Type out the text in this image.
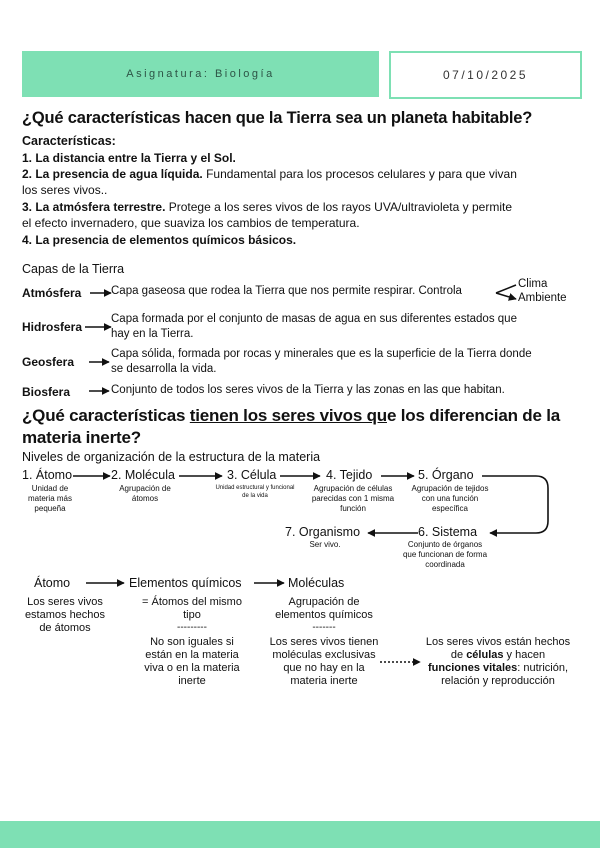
Asignatura: Biología	07/10/2025
¿Qué características hacen que la Tierra sea un planeta habitable?
Características:
1. La distancia entre la Tierra y el Sol.
2. La presencia de agua líquida. Fundamental para los procesos celulares y para que vivan
los seres vivos..
3. La atmósfera terrestre. Protege a los seres vivos de los rayos UVA/ultravioleta y permite
el efecto invernadero, que suaviza los cambios de temperatura.
4. La presencia de elementos químicos básicos.
Capas de la Tierra
Atmósfera	Capa gaseosa que rodea la Tierra que nos permite respirar. Controla
Clima
Ambiente
Hidrosfera
Capa formada por el conjunto de masas de agua en sus diferentes estados que
hay en la Tierra.
Geosfera
Capa sólida, formada por rocas y minerales que es la superficie de la Tierra donde
se desarrolla la vida.
Biosfera	Conjunto de todos los seres vivos de la Tierra y las zonas en las que habitan.
¿Qué características tienen los seres vivos que los diferencian de la
materia inerte?
Niveles de organización de la estructura de la materia
1. Átomo
Unidad de materia más pequeña
2. Molécula
Agrupación de átomos
3. Célula
Unidad estructural y funcional de la vida
4. Tejido
Agrupación de células parecidas con 1 misma función
5. Órgano
Agrupación de tejidos con una función específica
6. Sistema
Conjunto de órganos que funcionan de forma coordinada
7. Organismo
Ser vivo.
Átomo	Elementos químicos	Moléculas
Los seres vivos estamos hechos de átomos
= Átomos del mismo tipo
---------
No son iguales si están en la materia viva o en la materia inerte
Agrupación de elementos químicos
-------
Los seres vivos tienen moléculas exclusivas que no hay en la materia inerte
Los seres vivos están hechos de células y hacen funciones vitales: nutrición, relación y reproducción
